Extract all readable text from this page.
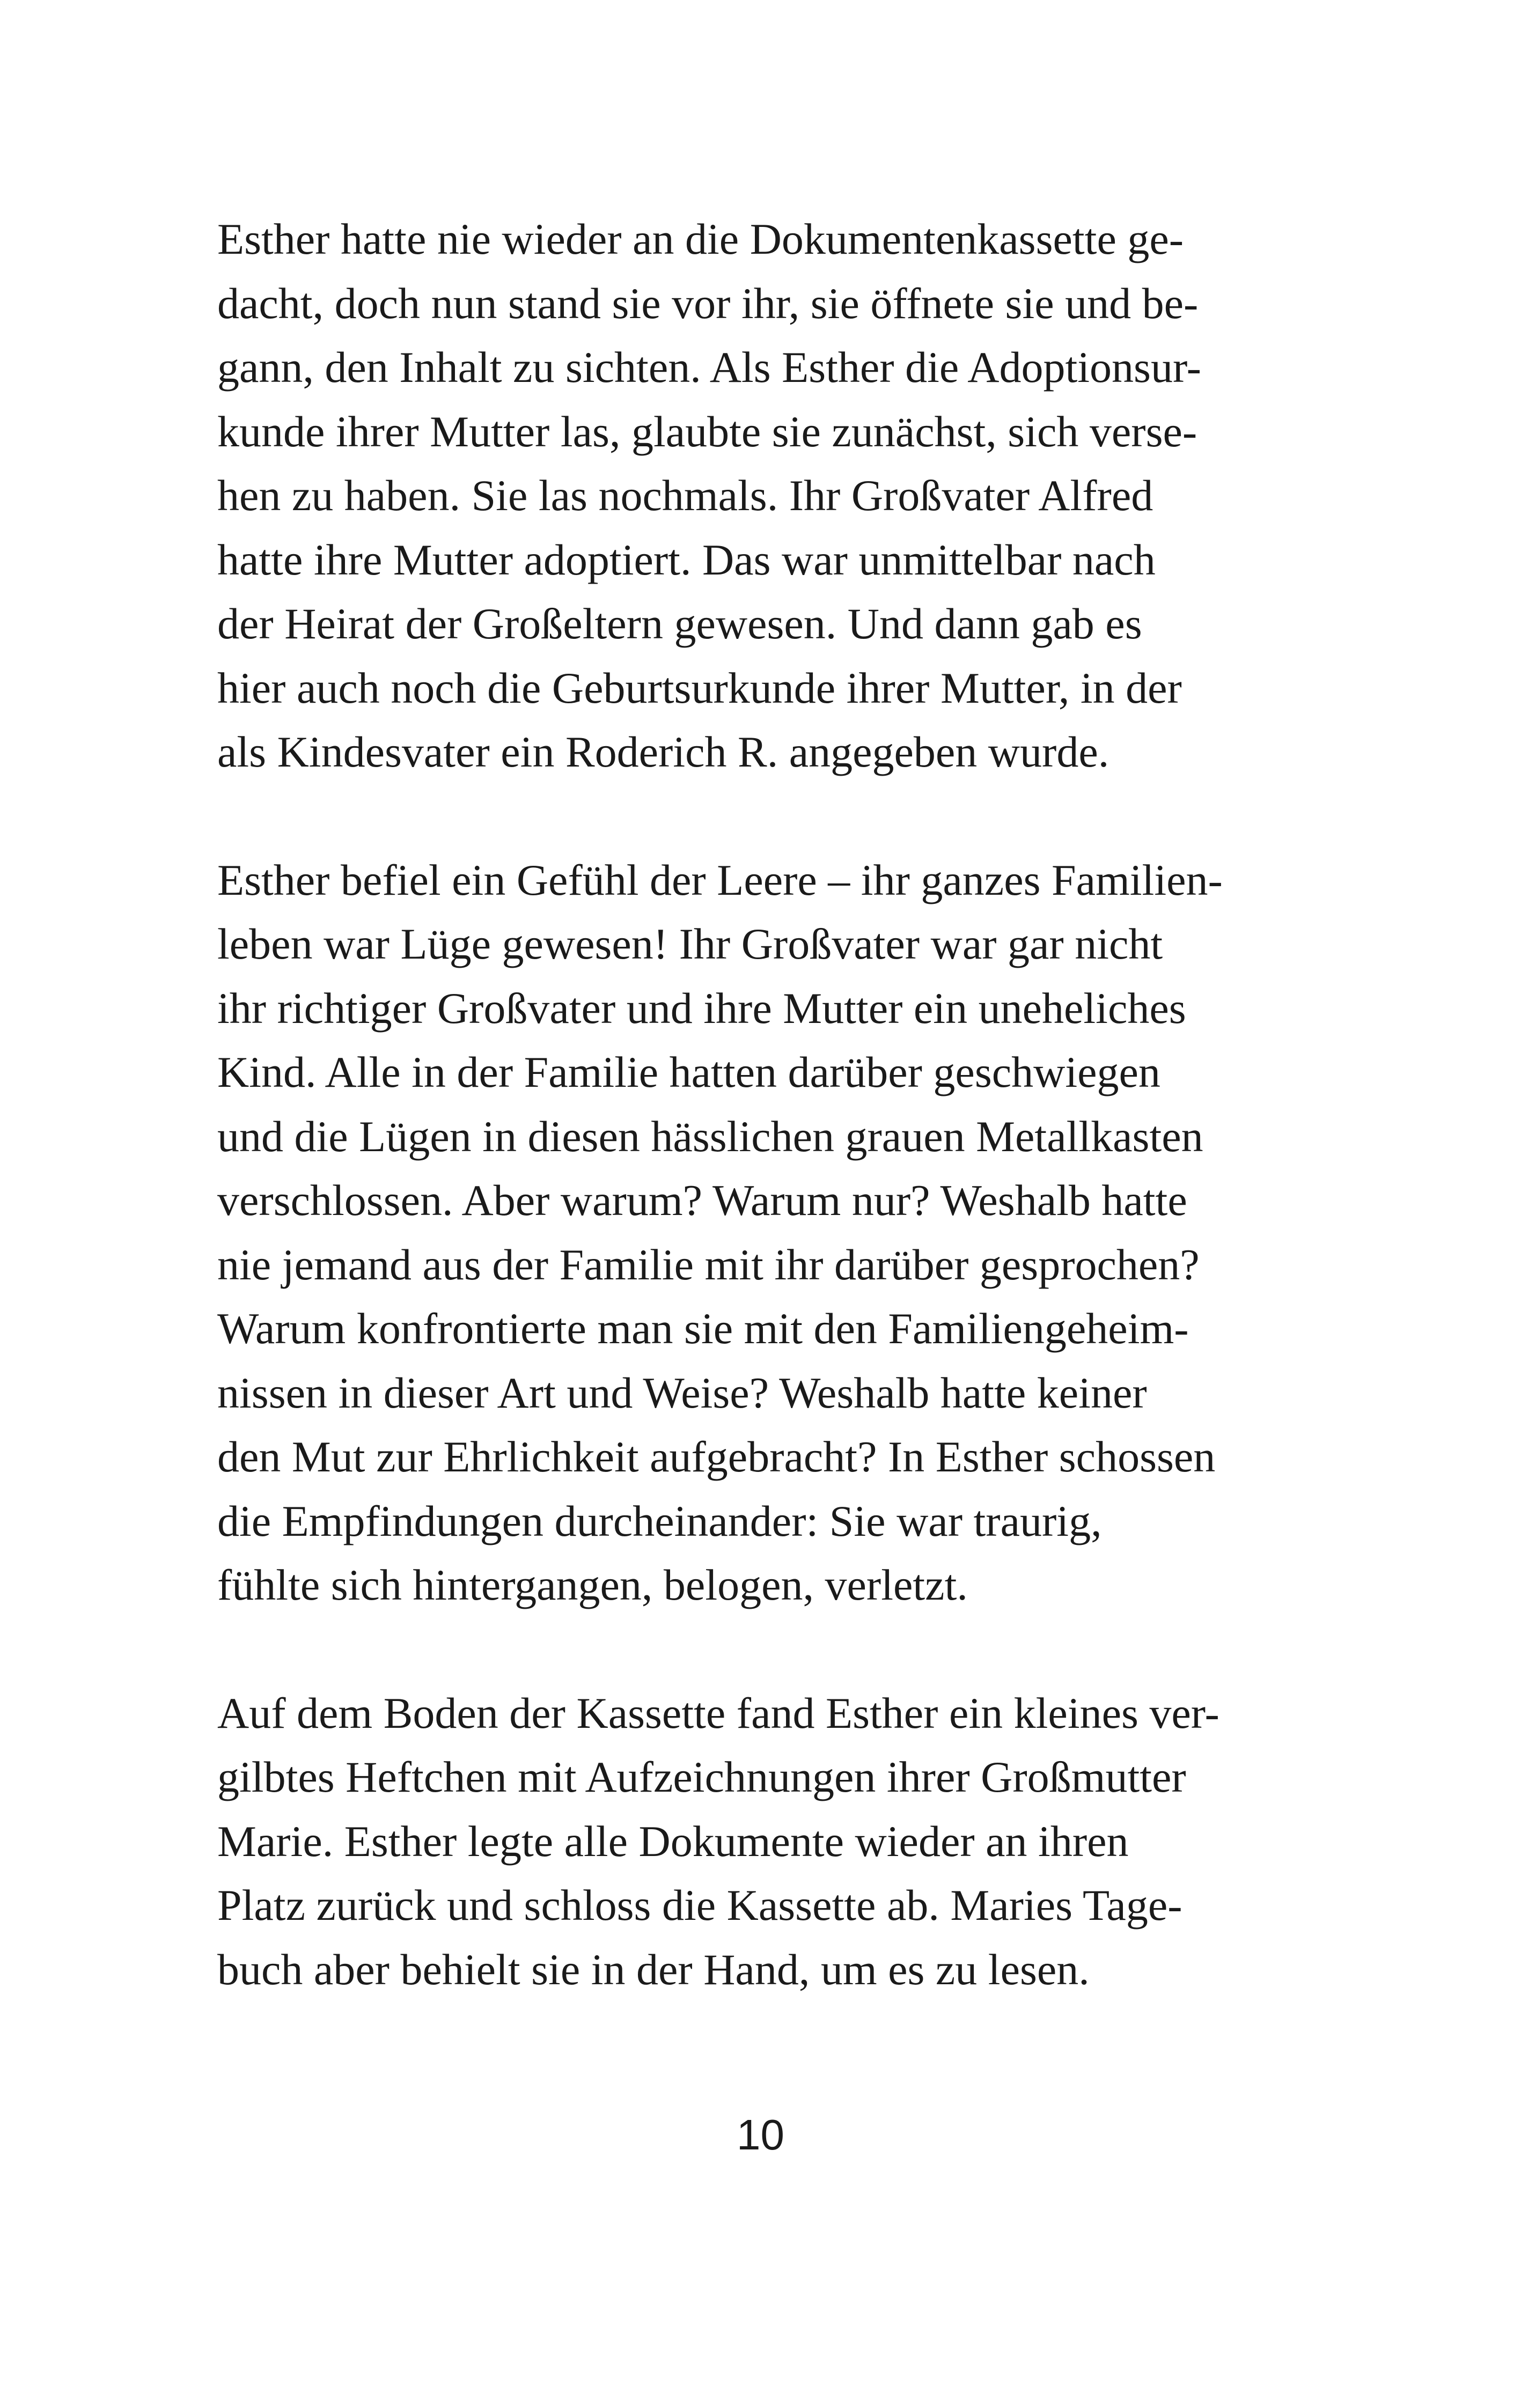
Esther hatte nie wieder an die Dokumentenkassette ge-
dacht, doch nun stand sie vor ihr, sie öffnete sie und be-
gann, den Inhalt zu sichten. Als Esther die Adoptionsur-
kunde ihrer Mutter las, glaubte sie zunächst, sich verse-
hen zu haben. Sie las nochmals. Ihr Großvater Alfred
hatte ihre Mutter adoptiert. Das war unmittelbar nach
der Heirat der Großeltern gewesen. Und dann gab es
hier auch noch die Geburtsurkunde ihrer Mutter, in der
als Kindesvater ein Roderich R. angegeben wurde.

Esther befiel ein Gefühl der Leere – ihr ganzes Familien-
leben war Lüge gewesen! Ihr Großvater war gar nicht
ihr richtiger Großvater und ihre Mutter ein uneheliches
Kind. Alle in der Familie hatten darüber geschwiegen
und die Lügen in diesen hässlichen grauen Metallkasten
verschlossen. Aber warum? Warum nur? Weshalb hatte
nie jemand aus der Familie mit ihr darüber gesprochen?
Warum konfrontierte man sie mit den Familiengeheim-
nissen in dieser Art und Weise? Weshalb hatte keiner
den Mut zur Ehrlichkeit aufgebracht? In Esther schossen
die Empfindungen durcheinander: Sie war traurig,
fühlte sich hintergangen, belogen, verletzt.

Auf dem Boden der Kassette fand Esther ein kleines ver-
gilbtes Heftchen mit Aufzeichnungen ihrer Großmutter
Marie. Esther legte alle Dokumente wieder an ihren
Platz zurück und schloss die Kassette ab. Maries Tage-
buch aber behielt sie in der Hand, um es zu lesen.

10
